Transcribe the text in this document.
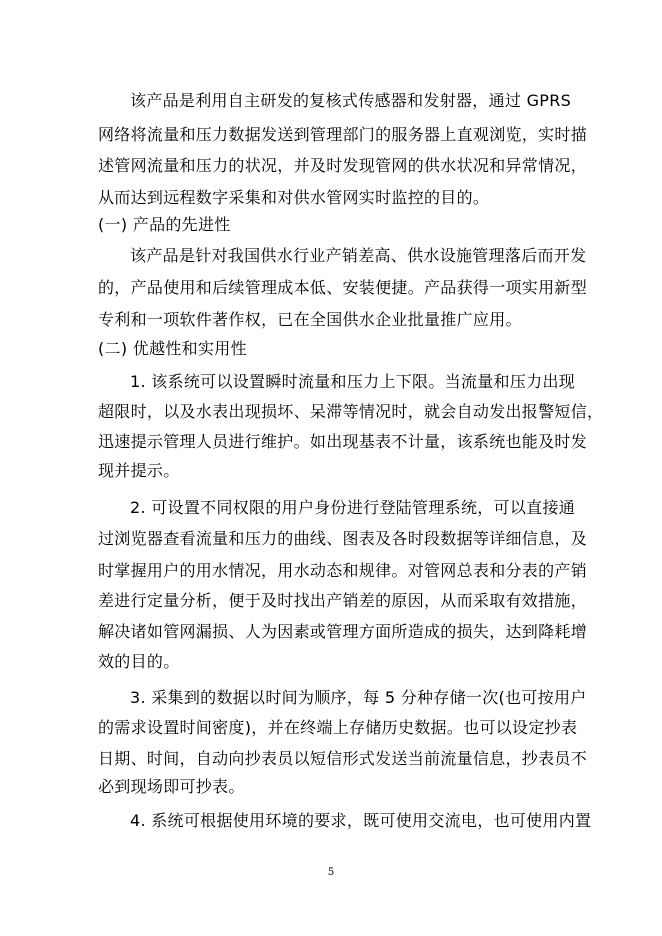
该产品是利用自主研发的复核式传感器和发射器，通过 GPRS
网络将流量和压力数据发送到管理部门的服务器上直观浏览，实时描
述管网流量和压力的状况，并及时发现管网的供水状况和异常情况，
从而达到远程数字采集和对供水管网实时监控的目的。
(一) 产品的先进性
该产品是针对我国供水行业产销差高、供水设施管理落后而开发
的，产品使用和后续管理成本低、安装便捷。产品获得一项实用新型
专利和一项软件著作权，已在全国供水企业批量推广应用。
(二) 优越性和实用性
1. 该系统可以设置瞬时流量和压力上下限。当流量和压力出现
超限时，以及水表出现损坏、呆滞等情况时，就会自动发出报警短信，
迅速提示管理人员进行维护。如出现基表不计量，该系统也能及时发
现并提示。
2. 可设置不同权限的用户身份进行登陆管理系统，可以直接通
过浏览器查看流量和压力的曲线、图表及各时段数据等详细信息，及
时掌握用户的用水情况，用水动态和规律。对管网总表和分表的产销
差进行定量分析，便于及时找出产销差的原因，从而采取有效措施，
解决诸如管网漏损、人为因素或管理方面所造成的损失，达到降耗增
效的目的。
3. 采集到的数据以时间为顺序，每 5 分种存储一次(也可按用户
的需求设置时间密度)，并在终端上存储历史数据。也可以设定抄表
日期、时间，自动向抄表员以短信形式发送当前流量信息，抄表员不
必到现场即可抄表。
4. 系统可根据使用环境的要求，既可使用交流电，也可使用内置
5
